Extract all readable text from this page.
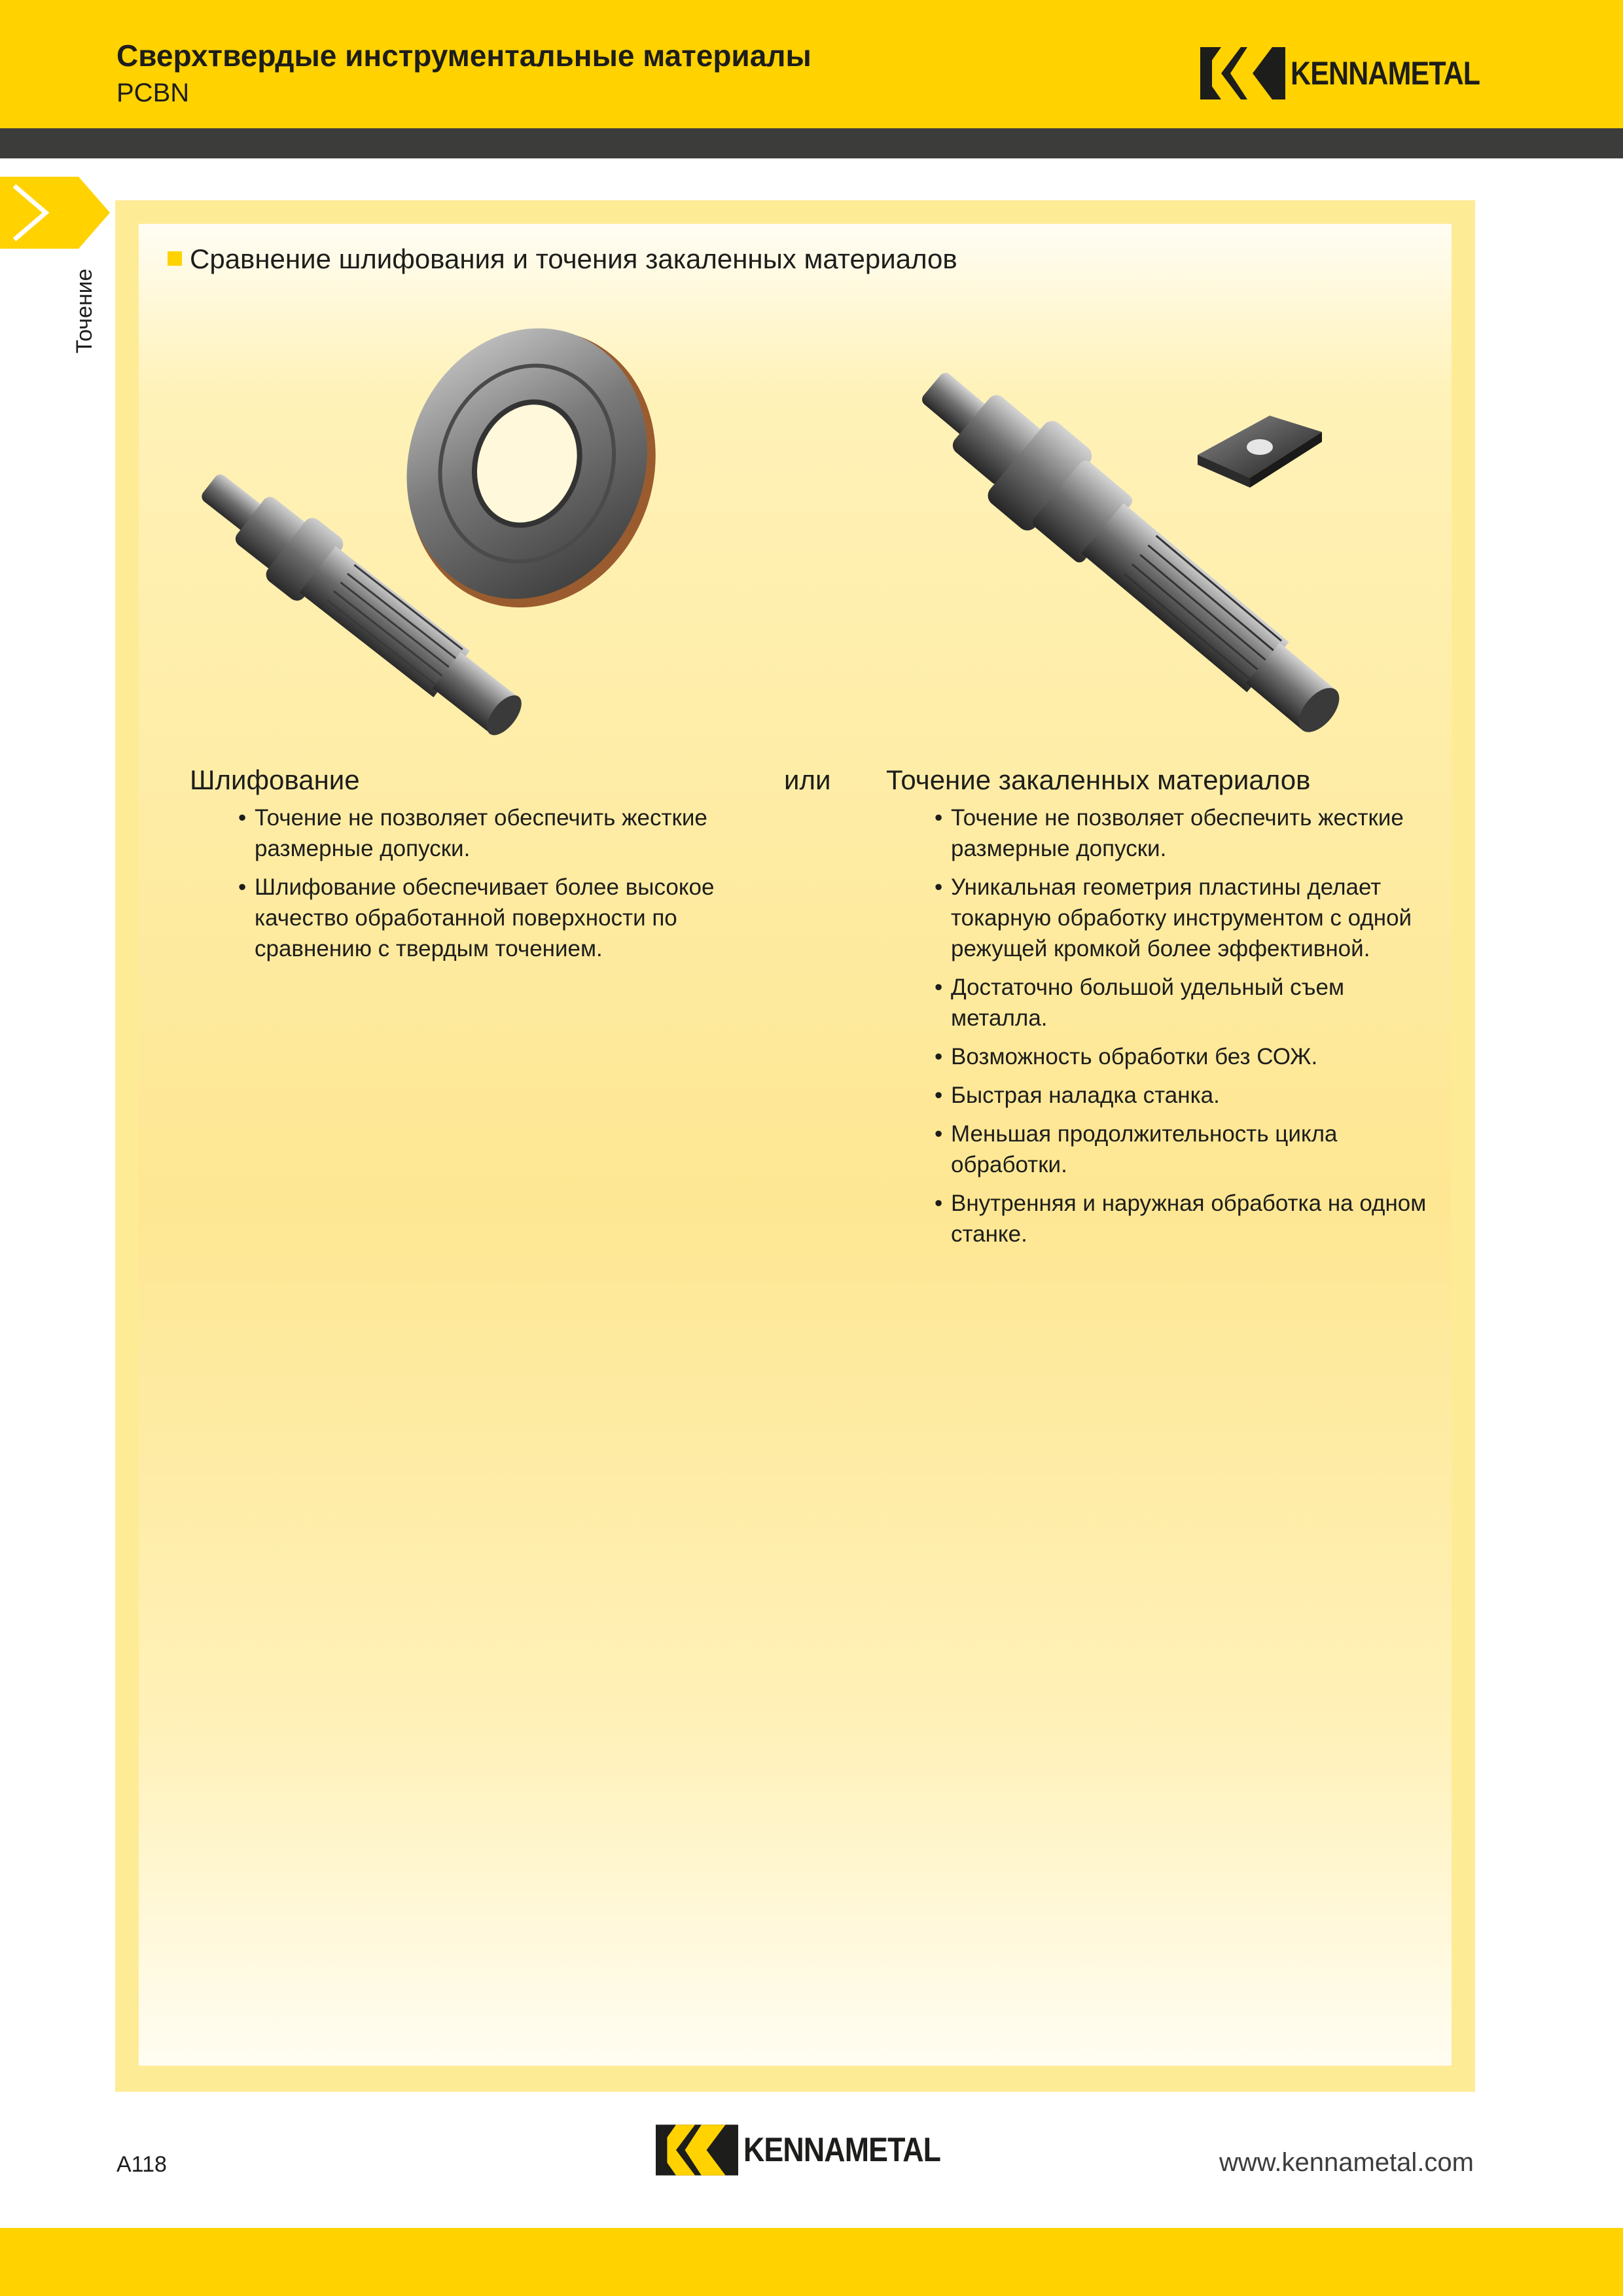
Сверхтвердые инструментальные материалы
PCBN
KENNAMETAL
Точение
Сравнение шлифования и точения закаленных материалов
Шлифование	или Точение закаленных материалов
• Точение не позволяет обеспечить жесткие размерные допуски.
• Шлифование обеспечивает более высокое качество обработанной поверхности по сравнению с твердым точением.
• Точение не позволяет обеспечить жесткие размерные допуски.
• Уникальная геометрия пластины делает токарную обработку инструментом с одной режущей кромкой более эффективной.
• Достаточно большой удельный съем металла.
• Возможность обработки без СОЖ.
• Быстрая наладка станка.
• Меньшая продолжительность цикла обработки.
• Внутренняя и наружная обработка на одном станке.
A118	KENNAMETAL	www.kennametal.com
